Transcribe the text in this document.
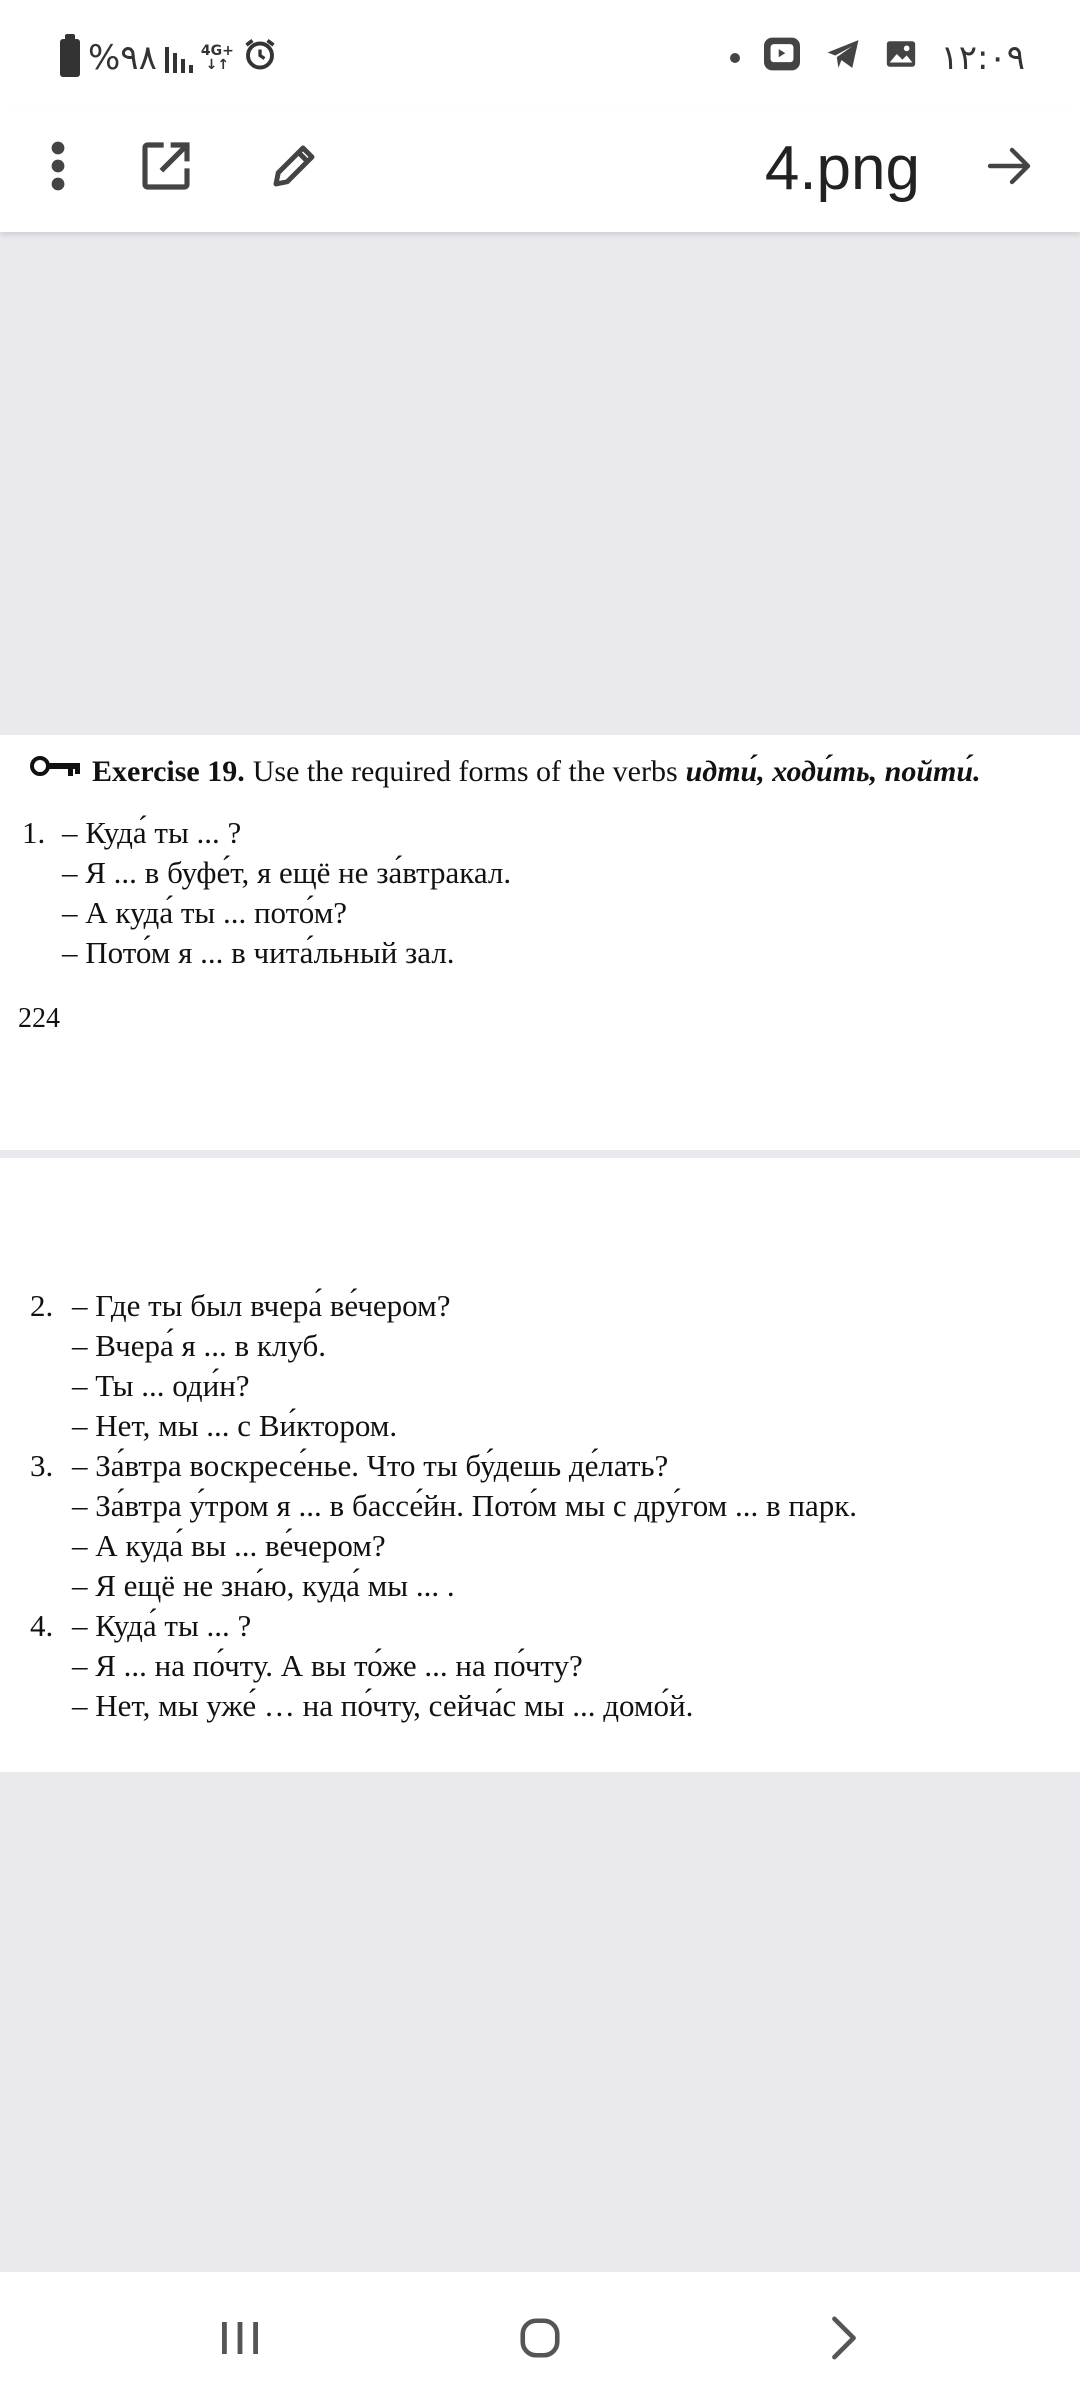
%۹۸	4G+
↓↑	۱۲:۰۹
4.png
Exercise 19. Use the required forms of the verbs идти́, ходи́ть, пойти́.
1. – Куда́ ты ... ?
– Я ... в буфе́т, я ещё не за́втракал.
– А куда́ ты ... пото́м?
– Пото́м я ... в чита́льный зал.
224
2. – Где ты был вчера́ ве́чером?
– Вчера́ я ... в клуб.
– Ты ... оди́н?
– Нет, мы ... с Ви́ктором.
3. – За́втра воскресе́нье. Что ты бу́дешь де́лать?
– За́втра у́тром я ... в бассе́йн. Пото́м мы с дру́гом ... в парк.
– А куда́ вы ... ве́чером?
– Я ещё не зна́ю, куда́ мы ... .
4. – Куда́ ты ... ?
– Я ... на по́чту. А вы то́же ... на по́чту?
– Нет, мы уже́ … на по́чту, сейча́с мы ... домо́й.
